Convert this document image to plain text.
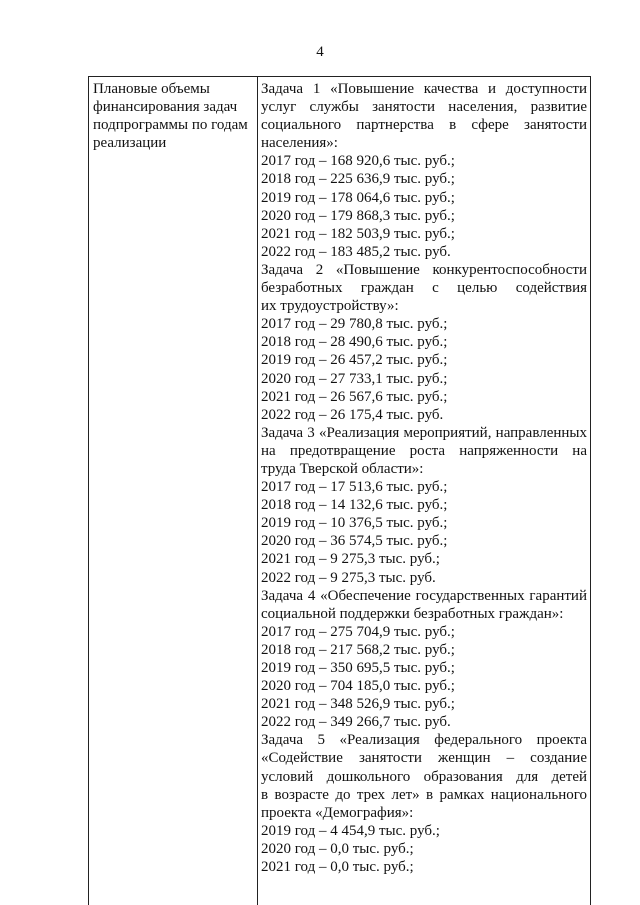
4
Плановые объемы
финансирования задач
подпрограммы по годам
реализации
Задача 1 «Повышение качества и доступности
услуг службы занятости населения, развитие
социального партнерства в сфере занятости
населения»:
2017 год – 168 920,6 тыс. руб.;
2018 год – 225 636,9 тыс. руб.;
2019 год – 178 064,6 тыс. руб.;
2020 год – 179 868,3 тыс. руб.;
2021 год – 182 503,9 тыс. руб.;
2022 год – 183 485,2 тыс. руб.
Задача 2 «Повышение конкурентоспособности
безработных граждан с целью содействия
их трудоустройству»:
2017 год – 29 780,8 тыс. руб.;
2018 год – 28 490,6 тыс. руб.;
2019 год – 26 457,2 тыс. руб.;
2020 год – 27 733,1 тыс. руб.;
2021 год – 26 567,6 тыс. руб.;
2022 год – 26 175,4 тыс. руб.
Задача 3 «Реализация мероприятий, направленных
на предотвращение роста напряженности на
труда Тверской области»:
2017 год – 17 513,6 тыс. руб.;
2018 год – 14 132,6 тыс. руб.;
2019 год – 10 376,5 тыс. руб.;
2020 год – 36 574,5 тыс. руб.;
2021 год – 9 275,3 тыс. руб.;
2022 год – 9 275,3 тыс. руб.
Задача 4 «Обеспечение государственных гарантий
социальной поддержки безработных граждан»:
2017 год – 275 704,9 тыс. руб.;
2018 год – 217 568,2 тыс. руб.;
2019 год – 350 695,5 тыс. руб.;
2020 год – 704 185,0 тыс. руб.;
2021 год – 348 526,9 тыс. руб.;
2022 год – 349 266,7 тыс. руб.
Задача 5 «Реализация федерального проекта
«Содействие занятости женщин – создание
условий дошкольного образования для детей
в возрасте до трех лет» в рамках национального
проекта «Демография»:
2019 год – 4 454,9 тыс. руб.;
2020 год – 0,0 тыс. руб.;
2021 год – 0,0 тыс. руб.;
